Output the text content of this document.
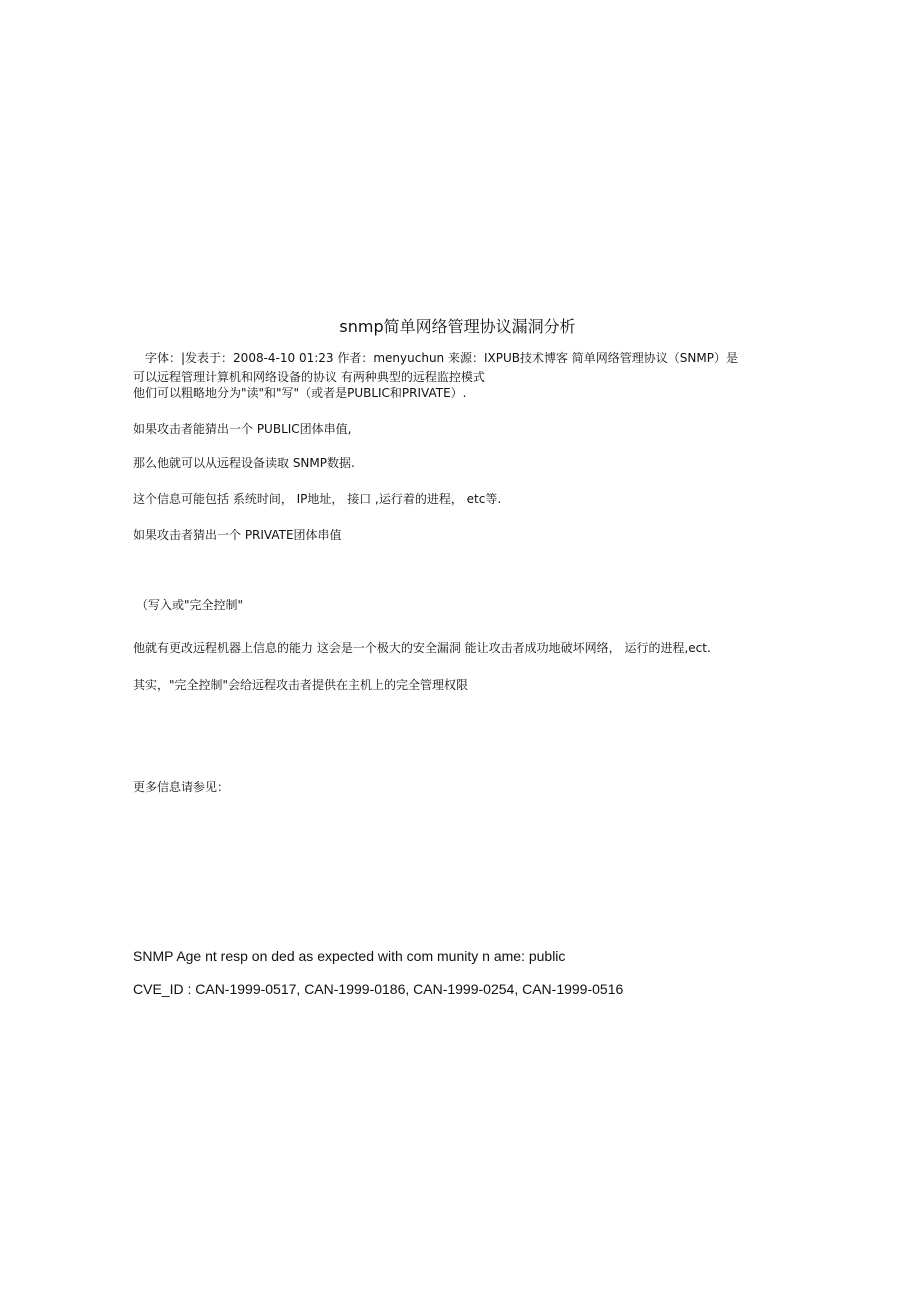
snmp简单网络管理协议漏洞分析
字体：|发表于：2008-4-10 01:23 作者：menyuchun 来源：IXPUB技术博客 简单网络管理协议（SNMP）是
可以远程管理计算机和网络设备的协议 有两种典型的远程监控模式
他们可以粗略地分为"读"和"写"（或者是PUBLIC和PRIVATE）.
如果攻击者能猜出一个 PUBLIC团体串值,
那么他就可以从远程设备读取 SNMP数据.
这个信息可能包括 系统时间， IP地址， 接口 ,运行着的进程， etc等.
如果攻击者猜出一个 PRIVATE团体串值
（写入或"完全控制"
他就有更改远程机器上信息的能力 这会是一个极大的安全漏洞 能让攻击者成功地破坏网络， 运行的进程,ect.
其实，"完全控制"会给远程攻击者提供在主机上的完全管理权限
更多信息请参见：
SNMP Age nt resp on ded as expected with com munity n ame: public
CVE_ID : CAN-1999-0517, CAN-1999-0186, CAN-1999-0254, CAN-1999-0516
